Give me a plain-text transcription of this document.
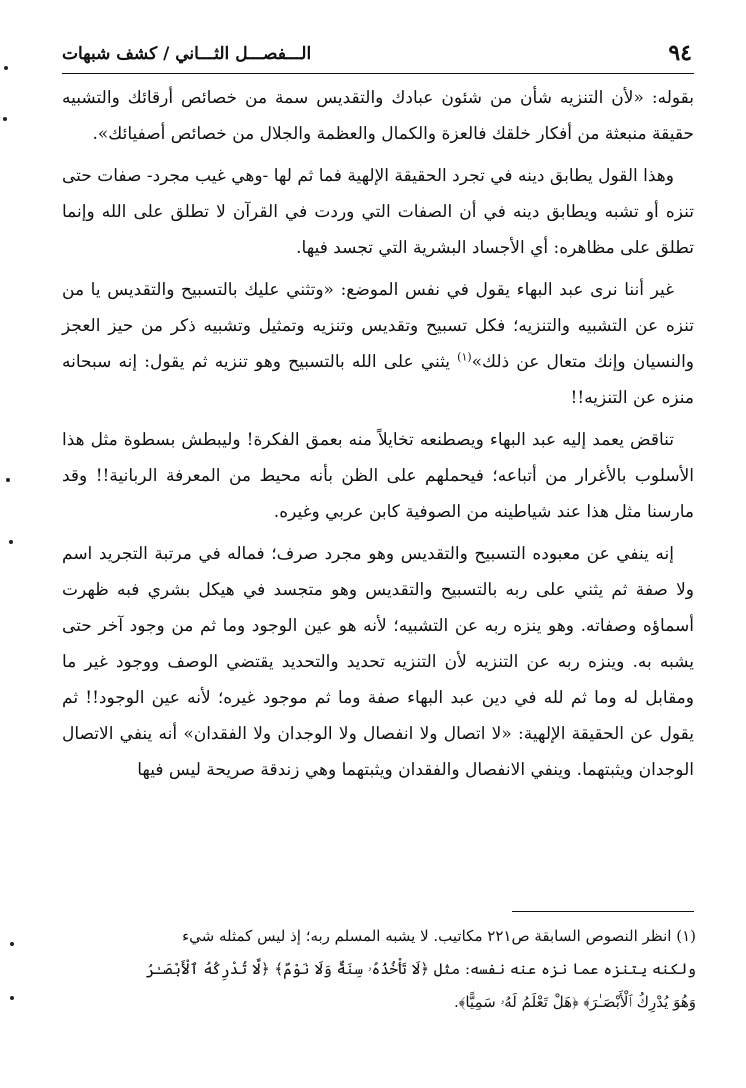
٩٤
الـــفصـــل الثـــاني / كشف شبهات

بقوله: «لأن التنزيه شأن من شئون عبادك والتقديس سمة من خصائص أرقائك والتشبيه حقيقة منبعثة من أفكار خلقك فالعزة والكمال والعظمة والجلال من خصائص أصفيائك».

وهذا القول يطابق دينه في تجرد الحقيقة الإلهية فما ثم لها -وهي غيب مجرد- صفات حتى تنزه أو تشبه ويطابق دينه في أن الصفات التي وردت في القرآن لا تطلق على الله وإنما تطلق على مظاهره: أي الأجساد البشرية التي تجسد فيها.

غير أننا نرى عبد البهاء يقول في نفس الموضع: «وتثني عليك بالتسبيح والتقديس يا من تنزه عن التشبيه والتنزيه؛ فكل تسبيح وتقديس وتنزيه وتمثيل وتشبيه ذكر من حيز العجز والنسيان وإنك متعال عن ذلك»$^{(١)}$ يثني على الله بالتسبيح وهو تنزيه ثم يقول: إنه سبحانه منزه عن التنزيه!!

تناقض يعمد إليه عبد البهاء ويصطنعه تخايلاً منه بعمق الفكرة! وليبطش بسطوة مثل هذا الأسلوب بالأغرار من أتباعه؛ فيحملهم على الظن بأنه محيط من المعرفة الربانية!! وقد مارسنا مثل هذا عند شياطينه من الصوفية كابن عربي وغيره.

إنه ينفي عن معبوده التسبيح والتقديس وهو مجرد صرف؛ فماله في مرتبة التجريد اسم ولا صفة ثم يثني على ربه بالتسبيح والتقديس وهو متجسد في هيكل بشري فبه ظهرت أسماؤه وصفاته. وهو ينزه ربه عن التشبيه؛ لأنه هو عين الوجود وما ثم من وجود آخر حتى يشبه به. وينزه ربه عن التنزيه لأن التنزيه تحديد والتحديد يقتضي الوصف ووجود غير ما ومقابل له وما ثم لله في دين عبد البهاء صفة وما ثم موجود غيره؛ لأنه عين الوجود!! ثم يقول عن الحقيقة الإلهية: «لا اتصال ولا انفصال ولا الوجدان ولا الفقدان» أنه ينفي الاتصال الوجدان ويثبتهما. وينفي الانفصال والفقدان ويثبتهما وهي زندقة صريحة ليس فيها

(١) انظر النصوص السابقة ص٢٢١ مكاتيب. لا يشبه المسلم ربه؛ إذ ليس كمثله شيء
ولكنه يتنزه عما نزه عنه نفسه: مثل ﴿لَا تَأْخُذُهُۥ سِنَةٌ وَلَا نَوْمٌ﴾ ﴿لَّا تُدْرِكُهُ ٱلْأَبْصَـٰرُ
وَهُوَ يُدْرِكُ ٱلْأَبْصَـٰرَ﴾ ﴿هَلْ تَعْلَمُ لَهُۥ سَمِيًّا﴾.
